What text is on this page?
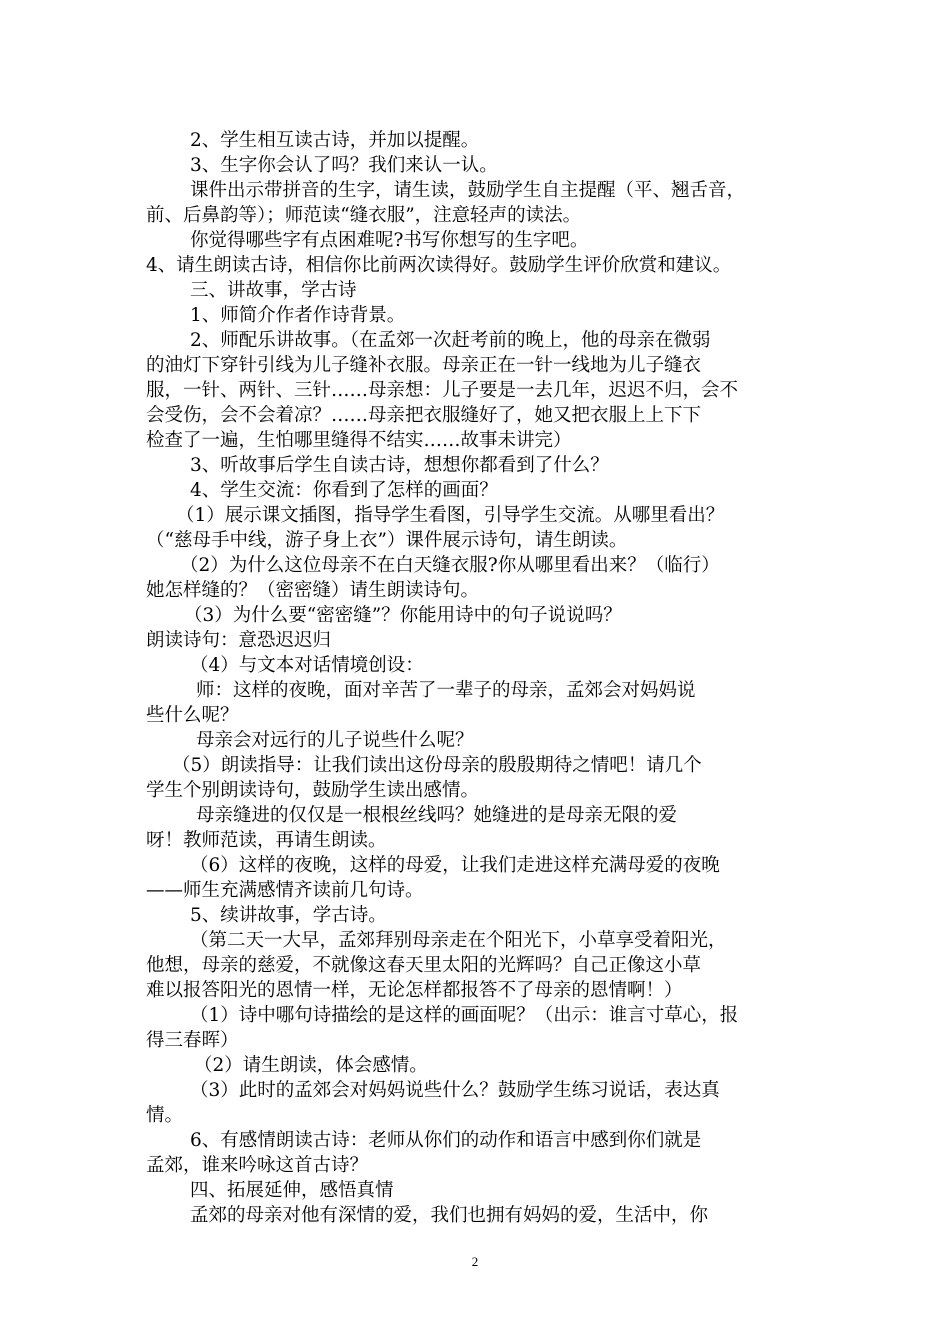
2、学生相互读古诗，并加以提醒。
3、生字你会认了吗？我们来认一认。
课件出示带拼音的生字，请生读，鼓励学生自主提醒（平、翘舌音，
前、后鼻韵等）；师范读“缝衣服”，注意轻声的读法。
你觉得哪些字有点困难呢?书写你想写的生字吧。
4、请生朗读古诗，相信你比前两次读得好。鼓励学生评价欣赏和建议。
三、讲故事，学古诗
1、师简介作者作诗背景。
2、师配乐讲故事。（在孟郊一次赶考前的晚上，他的母亲在微弱
的油灯下穿针引线为儿子缝补衣服。母亲正在一针一线地为儿子缝衣
服，一针、两针、三针……母亲想：儿子要是一去几年，迟迟不归，会不
会受伤，会不会着凉？……母亲把衣服缝好了，她又把衣服上上下下
检查了一遍，生怕哪里缝得不结实……故事未讲完）
3、听故事后学生自读古诗，想想你都看到了什么？
4、学生交流：你看到了怎样的画面？
（1）展示课文插图，指导学生看图，引导学生交流。从哪里看出？
（“慈母手中线，游子身上衣”）课件展示诗句，请生朗读。
（2）为什么这位母亲不在白天缝衣服?你从哪里看出来？（临行）
她怎样缝的？（密密缝）请生朗读诗句。
（3）为什么要“密密缝”？你能用诗中的句子说说吗？
朗读诗句：意恐迟迟归
（4）与文本对话情境创设：
师：这样的夜晚，面对辛苦了一辈子的母亲，孟郊会对妈妈说
些什么呢？
母亲会对远行的儿子说些什么呢？
（5）朗读指导：让我们读出这份母亲的殷殷期待之情吧！请几个
学生个别朗读诗句，鼓励学生读出感情。
母亲缝进的仅仅是一根根丝线吗？她缝进的是母亲无限的爱
呀！教师范读，再请生朗读。
（6）这样的夜晚，这样的母爱，让我们走进这样充满母爱的夜晚
——师生充满感情齐读前几句诗。
5、续讲故事，学古诗。
（第二天一大早，孟郊拜别母亲走在个阳光下，小草享受着阳光，
他想，母亲的慈爱，不就像这春天里太阳的光辉吗？自己正像这小草
难以报答阳光的恩情一样，无论怎样都报答不了母亲的恩情啊！）
（1）诗中哪句诗描绘的是这样的画面呢？（出示：谁言寸草心，报
得三春晖）
（2）请生朗读，体会感情。
（3）此时的孟郊会对妈妈说些什么？鼓励学生练习说话，表达真
情。
6、有感情朗读古诗：老师从你们的动作和语言中感到你们就是
孟郊，谁来吟咏这首古诗？
四、拓展延伸，感悟真情
孟郊的母亲对他有深情的爱，我们也拥有妈妈的爱，生活中，你
2
